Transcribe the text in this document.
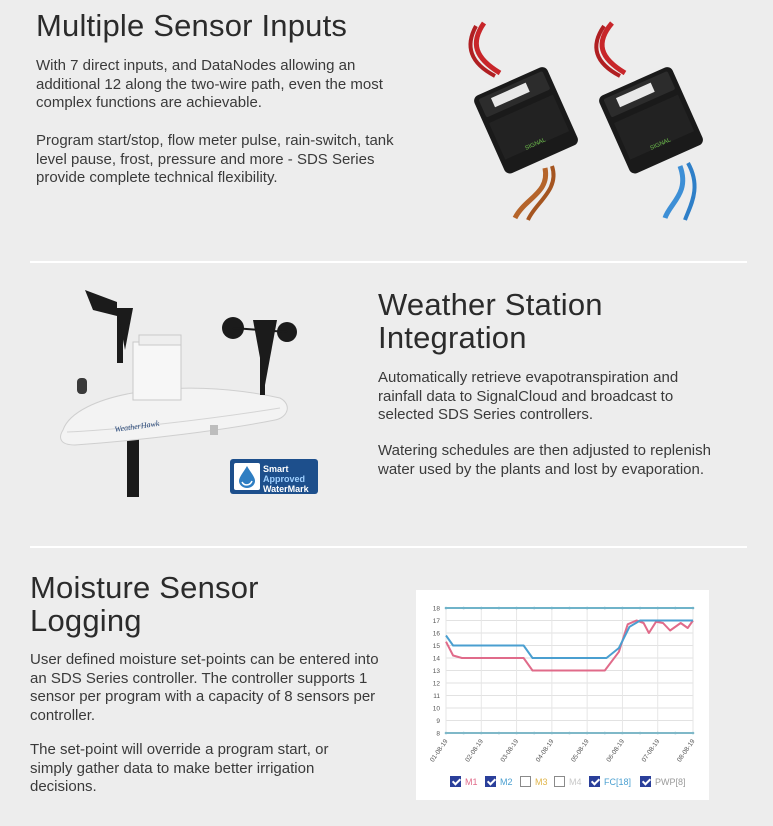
Multiple Sensor Inputs

With 7 direct inputs, and DataNodes allowing an additional 12 along the two-wire path, even the most complex functions are achievable.

Program start/stop, flow meter pulse, rain-switch, tank level pause, frost, pressure and more - SDS Series provide complete technical flexibility.

SIGNAL	SIGNAL
WeatherHawk
Smart
Approved
WaterMark
Weather Station
Integration

Automatically retrieve evapotranspiration and rainfall data to SignalCloud and broadcast to selected SDS Series controllers.

Watering schedules are then adjusted to replenish water used by the plants and lost by evaporation.

Moisture Sensor
Logging

User defined moisture set-points can be entered into an SDS Series controller. The controller supports 1 sensor per program with a capacity of 8 sensors per controller.

The set-point will override a program start, or simply gather data to make better irrigation decisions.

8
9
10
11
12
13
14
15
16
17
18
01-08-19 02-08-19 03-08-19 04-08-19 05-08-19 06-08-19 07-08-19 08-08-19
M1 M2 M3 M4 FC[18]	PWP[8]
